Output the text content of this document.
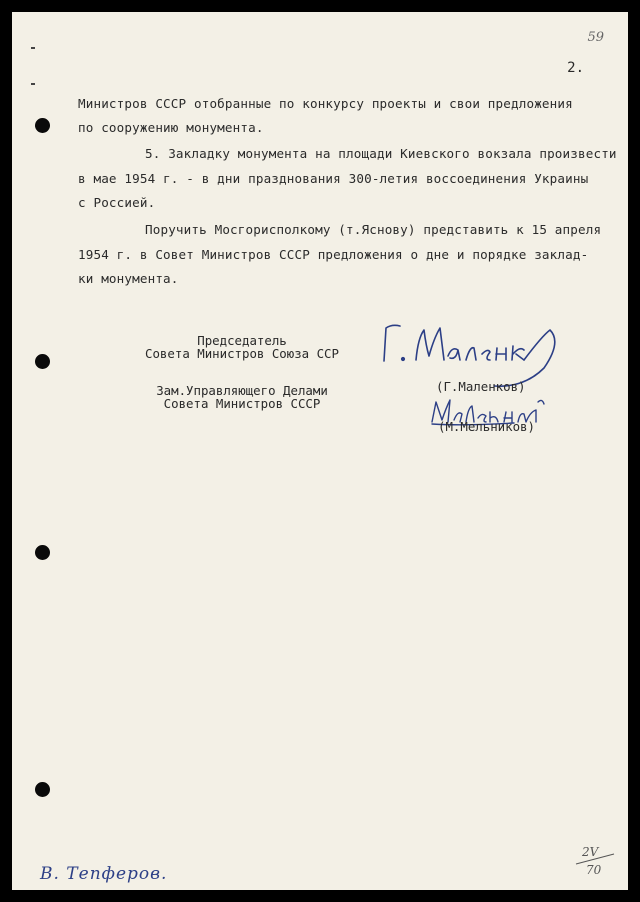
59
2.
Министров СССР отобранные по конкурсу проекты и свои предложения
по сооружению монумента.
5. Закладку монумента на площади Киевского вокзала произвести
в мае 1954 г. - в дни празднования 300-летия воссоединения Украины
с Россией.
Поручить Мосгорисполкому (т.Яснову) представить к 15 апреля
1954 г. в Совет Министров СССР предложения о дне и порядке заклад-
ки монумента.
Председатель
Совета Министров Союза ССР
Зам.Управляющего Делами
Совета Министров СССР
(Г.Маленков)
(М.Мельников)
В. Тепферов.
2V
70
